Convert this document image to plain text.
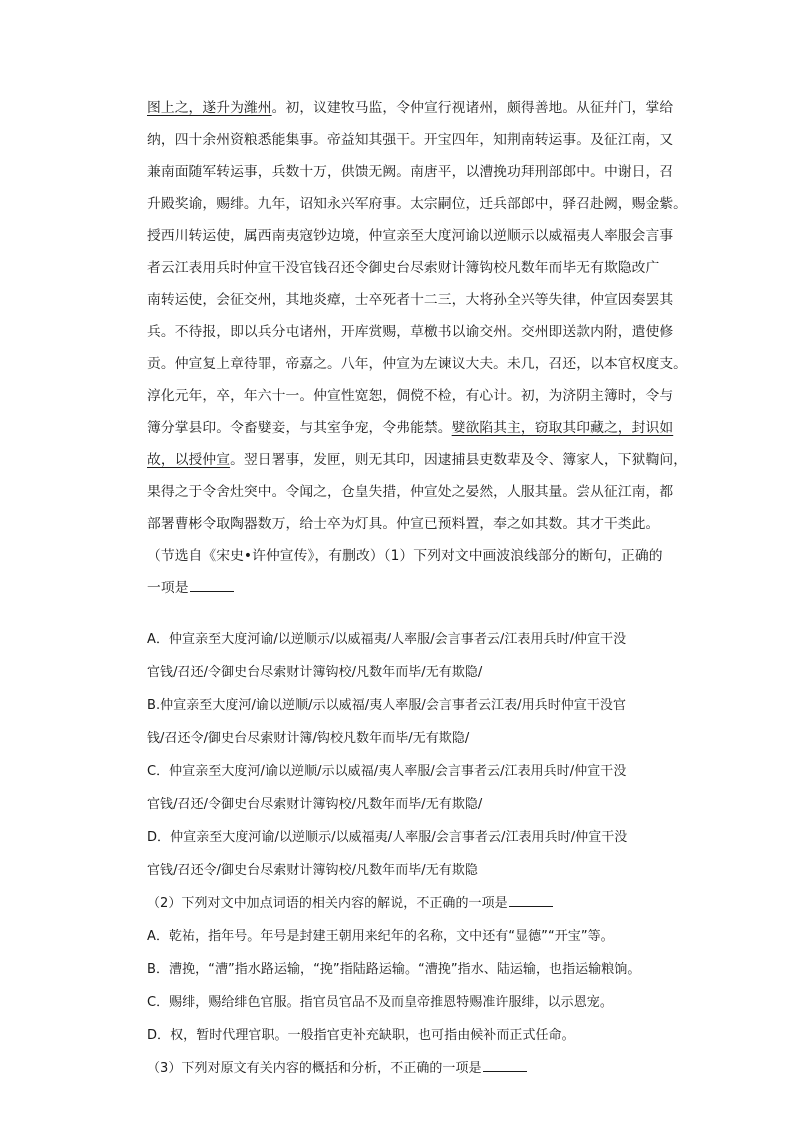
图上之，遂升为潍州。初，议建牧马监，令仲宣行视诸州，颇得善地。从征幷门，掌给
纳，四十余州资粮悉能集事。帝益知其强干。开宝四年，知荆南转运事。及征江南，又
兼南面随军转运事，兵数十万，供馈无阙。南唐平，以漕挽功拜刑部郎中。中谢日，召
升殿奖谕，赐绯。九年，诏知永兴军府事。太宗嗣位，迁兵部郎中，驿召赴阙，赐金紫。
授西川转运使，属西南夷寇钞边境，仲宣亲至大度河谕以逆顺示以威福夷人率服会言事
者云江表用兵时仲宣干没官钱召还令御史台尽索财计簿钩校凡数年而毕无有欺隐改广
南转运使，会征交州，其地炎瘴，士卒死者十二三，大将孙全兴等失律，仲宣因奏罢其
兵。不待报，即以兵分屯诸州，开库赏赐，草檄书以谕交州。交州即送款内附，遣使修
贡。仲宣复上章待罪，帝嘉之。八年，仲宣为左谏议大夫。未几，召还，以本官权度支。
淳化元年，卒，年六十一。仲宣性宽恕，倜傥不检，有心计。初，为济阴主簿时，令与
簿分掌县印。令畜嬖妾，与其室争宠，令弗能禁。嬖欲陷其主，窃取其印藏之，封识如
故，以授仲宣。翌日署事，发匣，则无其印，因逮捕县吏数辈及令、簿家人，下狱鞫问，
果得之于令舍灶突中。令闻之，仓皇失措，仲宣处之晏然，人服其量。尝从征江南，都
部署曹彬令取陶器数万，给士卒为灯具。仲宣已预料置，奉之如其数。其才干类此。
（节选自《宋史•许仲宣传》，有删改）（1）下列对文中画波浪线部分的断句，正确的
一项是
A．仲宣亲至大度河谕/以逆顺示/以威福夷/人率服/会言事者云/江表用兵时/仲宣干没
官钱/召还/令御史台尽索财计簿钩校/凡数年而毕/无有欺隐/
B.仲宣亲至大度河/谕以逆顺/示以威福/夷人率服/会言事者云江表/用兵时仲宣干没官
钱/召还令/御史台尽索财计簿/钩校凡数年而毕/无有欺隐/
C．仲宣亲至大度河/谕以逆顺/示以威福/夷人率服/会言事者云/江表用兵时/仲宣干没
官钱/召还/令御史台尽索财计簿钩校/凡数年而毕/无有欺隐/
D．仲宣亲至大度河谕/以逆顺示/以威福夷/人率服/会言事者云/江表用兵时/仲宣干没
官钱/召还令/御史台尽索财计簿钩校/凡数年而毕/无有欺隐
（2）下列对文中加点词语的相关内容的解说，不正确的一项是
A．乾祐，指年号。年号是封建王朝用来纪年的名称，文中还有“显德”“开宝”等。
B．漕挽，“漕”指水路运输，“挽”指陆路运输。“漕挽”指水、陆运输，也指运输粮饷。
C．赐绯，赐给绯色官服。指官员官品不及而皇帝推恩特赐准许服绯，以示恩宠。
D．权，暂时代理官职。一般指官吏补充缺职，也可指由候补而正式任命。
（3）下列对原文有关内容的概括和分析，不正确的一项是
